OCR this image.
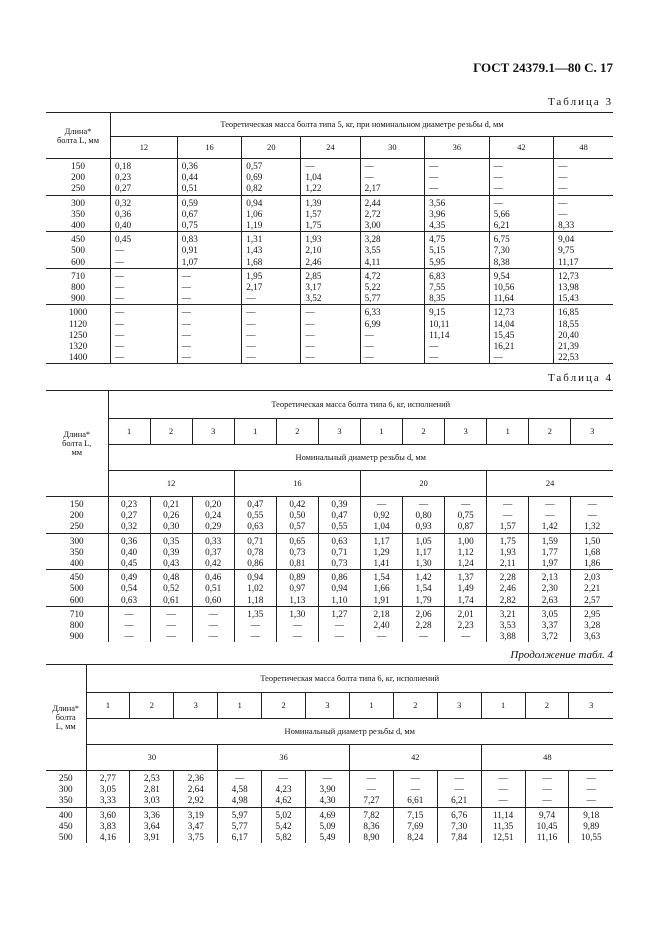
ГОСТ 24379.1—80 С. 17
Таблица 3
Длина*
болта L, мм	Теоретическая масса болта типа 5, кг, при номинальном диаметре резьбы d, мм							
	12	16	20	24	30	36	42	48
150	0,18	0,36	0,57	—	—	—	—	—
200	0,23	0,44	0,69	1,04	—	—	—	—
250	0,27	0,51	0,82	1,22	2,17	—	—	—
300	0,32	0,59	0,94	1,39	2,44	3,56	—	—
350	0,36	0,67	1,06	1,57	2,72	3,96	5,66	—
400	0,40	0,75	1,19	1,75	3,00	4,35	6,21	8,33
450	0,45	0,83	1,31	1,93	3,28	4,75	6,75	9,04
500	—	0,91	1,43	2,10	3,55	5,15	7,30	9,75
600	—	1,07	1,68	2,46	4,11	5,95	8,38	11,17
710	—	—	1,95	2,85	4,72	6,83	9,54	12,73
800	—	—	2,17	3,17	5,22	7,55	10,56	13,98
900	—	—	—	3,52	5,77	8,35	11,64	15,43
1000	—	—	—	—	6,33	9,15	12,73	16,85
1120	—	—	—	—	6,99	10,11	14,04	18,55
1250	—	—	—	—	—	11,14	15,45	20,40
1320	—	—	—	—	—	—	16,21	21,39
1400	—	—	—	—	—	—	—	22,53
Таблица 4
Длина*
болта L,
мм	Теоретическая масса болта типа 6, кг, исполнений											
	1	2	3	1	2	3	1	2	3	1	2	3
	Номинальный диаметр резьбы d, мм											
	12			16			20			24		
150	0,23	0,21	0,20	0,47	0,42	0,39	—	—	—	—	—	—
200	0,27	0,26	0,24	0,55	0,50	0,47	0,92	0,80	0,75	—	—	—
250	0,32	0,30	0,29	0,63	0,57	0,55	1,04	0,93	0,87	1,57	1,42	1,32
300	0,36	0,35	0,33	0,71	0,65	0,63	1,17	1,05	1,00	1,75	1,59	1,50
350	0,40	0,39	0,37	0,78	0,73	0,71	1,29	1,17	1,12	1,93	1,77	1,68
400	0,45	0,43	0,42	0,86	0,81	0,73	1,41	1,30	1,24	2,11	1,97	1,86
450	0,49	0,48	0,46	0,94	0,89	0,86	1,54	1,42	1,37	2,28	2,13	2,03
500	0,54	0,52	0,51	1,02	0,97	0,94	1,66	1,54	1,49	2,46	2,30	2,21
600	0,63	0,61	0,60	1,18	1,13	1,10	1,91	1,79	1,74	2,82	2,63	2,57
710	—	—	—	1,35	1,30	1,27	2,18	2,06	2,01	3,21	3,05	2,95
800	—	—	—	—	—	—	2,40	2,28	2,23	3,53	3,37	3,28
900	—	—	—	—	—	—	—	—	—	3,88	3,72	3,63
Продолжение табл. 4
Длина*
болта
L, мм	Теоретическая масса болта типа 6, кг, исполнений											
	1	2	3	1	2	3	1	2	3	1	2	3
	Номинальный диаметр резьбы d, мм											
	30			36			42			48		
250	2,77	2,53	2,36	—	—	—	—	—	—	—	—	—
300	3,05	2,81	2,64	4,58	4,23	3,90	—	—	—	—	—	—
350	3,33	3,03	2,92	4,98	4,62	4,30	7,27	6,61	6,21	—	—	—
400	3,60	3,36	3,19	5,97	5,02	4,69	7,82	7,15	6,76	11,14	9,74	9,18
450	3,83	3,64	3,47	5,77	5,42	5,09	8,36	7,69	7,30	11,35	10,45	9,89
500	4,16	3,91	3,75	6,17	5,82	5,49	8,90	8,24	7,84	12,51	11,16	10,55
